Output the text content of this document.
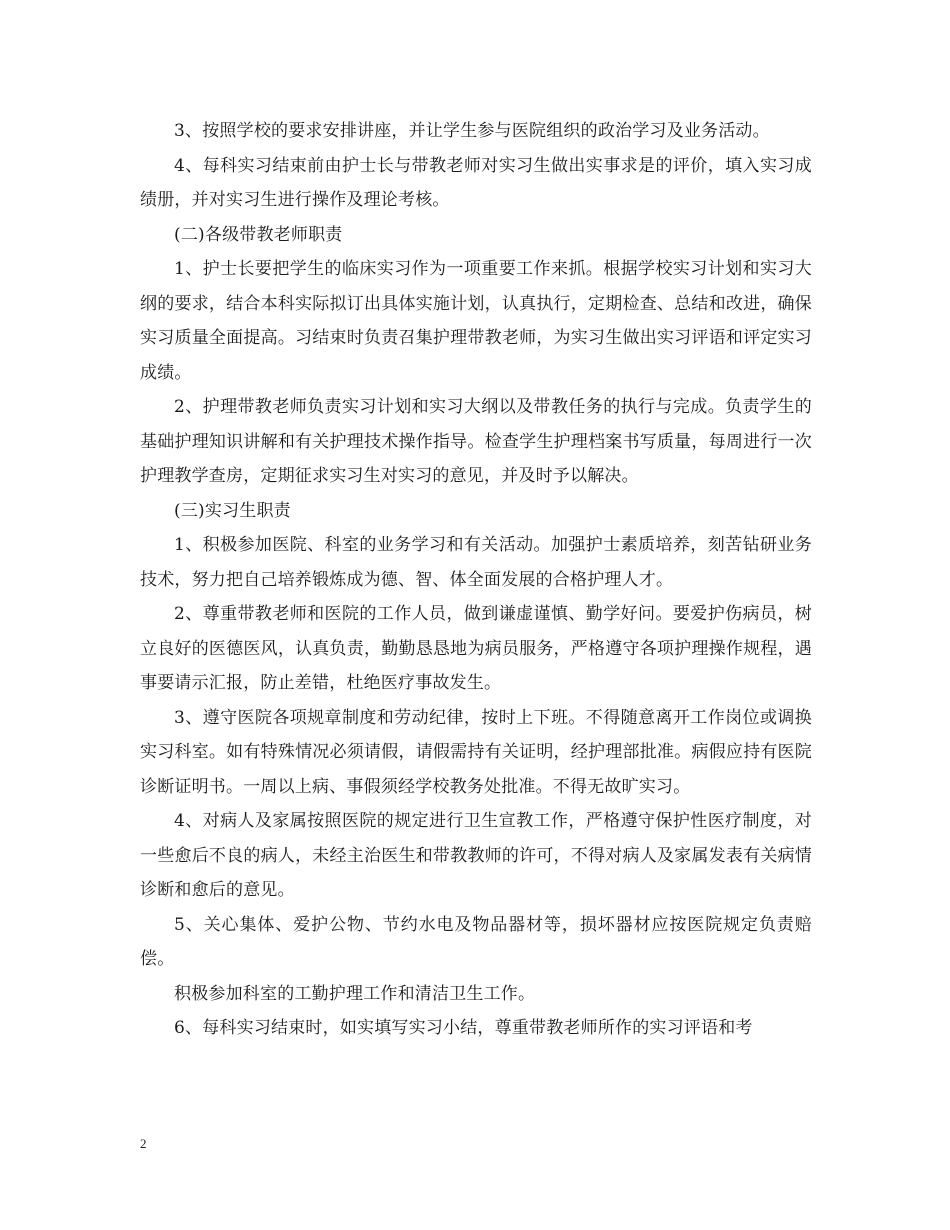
3、按照学校的要求安排讲座，并让学生参与医院组织的政治学习及业务活动。

4、每科实习结束前由护士长与带教老师对实习生做出实事求是的评价，填入实习成绩册，并对实习生进行操作及理论考核。

(二)各级带教老师职责

1、护士长要把学生的临床实习作为一项重要工作来抓。根据学校实习计划和实习大纲的要求，结合本科实际拟订出具体实施计划，认真执行，定期检查、总结和改进，确保实习质量全面提高。习结束时负责召集护理带教老师，为实习生做出实习评语和评定实习成绩。

2、护理带教老师负责实习计划和实习大纲以及带教任务的执行与完成。负责学生的基础护理知识讲解和有关护理技术操作指导。检查学生护理档案书写质量，每周进行一次护理教学查房，定期征求实习生对实习的意见，并及时予以解决。

(三)实习生职责

1、积极参加医院、科室的业务学习和有关活动。加强护士素质培养，刻苦钻研业务技术，努力把自己培养锻炼成为德、智、体全面发展的合格护理人才。

2、尊重带教老师和医院的工作人员，做到谦虚谨慎、勤学好问。要爱护伤病员，树立良好的医德医风，认真负责，勤勤恳恳地为病员服务，严格遵守各项护理操作规程，遇事要请示汇报，防止差错，杜绝医疗事故发生。

3、遵守医院各项规章制度和劳动纪律，按时上下班。不得随意离开工作岗位或调换实习科室。如有特殊情况必须请假，请假需持有关证明，经护理部批准。病假应持有医院诊断证明书。一周以上病、事假须经学校教务处批准。不得无故旷实习。

4、对病人及家属按照医院的规定进行卫生宣教工作，严格遵守保护性医疗制度，对一些愈后不良的病人，未经主治医生和带教教师的许可，不得对病人及家属发表有关病情诊断和愈后的意见。

5、关心集体、爱护公物、节约水电及物品器材等，损坏器材应按医院规定负责赔偿。

积极参加科室的工勤护理工作和清洁卫生工作。

6、每科实习结束时，如实填写实习小结，尊重带教老师所作的实习评语和考

2
